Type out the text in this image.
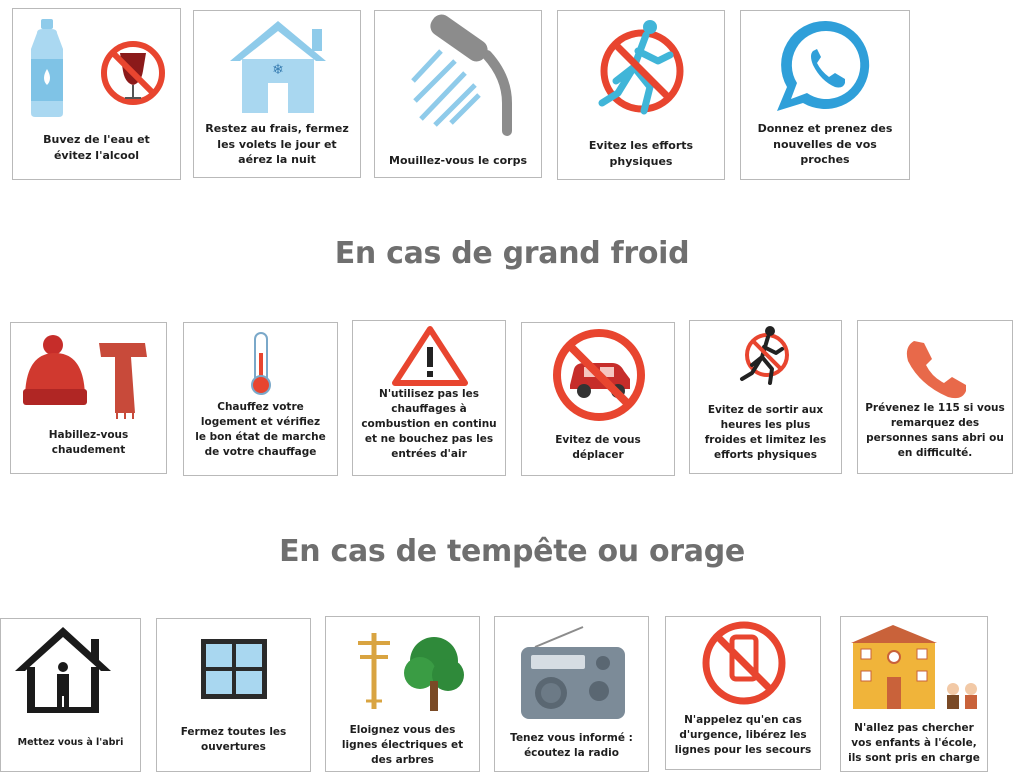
Buvez de l'eau et
évitez l'alcool
❄
Restez au frais, fermez
les volets le jour et
aérez la nuit	Mouillez-vous le corps
Evitez les efforts
physiques
Donnez et prenez des
nouvelles de vos
proches
En cas de grand froid
Habillez-vous
chaudement
Chauffez votre
logement et vérifiez
le bon état de marche
de votre chauffage
N'utilisez pas les
chauffages à
combustion en continu
et ne bouchez pas les
entrées d'air
Evitez de vous
déplacer
Evitez de sortir aux
heures les plus
froides et limitez les
efforts physiques
Prévenez le 115 si vous
remarquez des
personnes sans abri ou
en difficulté.
En cas de tempête ou orage
Mettez vous à l'abri
Fermez toutes les
ouvertures
Eloignez vous des
lignes électriques et
des arbres
Tenez vous informé :
écoutez la radio
N'appelez qu'en cas
d'urgence, libérez les
lignes pour les secours
N'allez pas chercher
vos enfants à l'école,
ils sont pris en charge
